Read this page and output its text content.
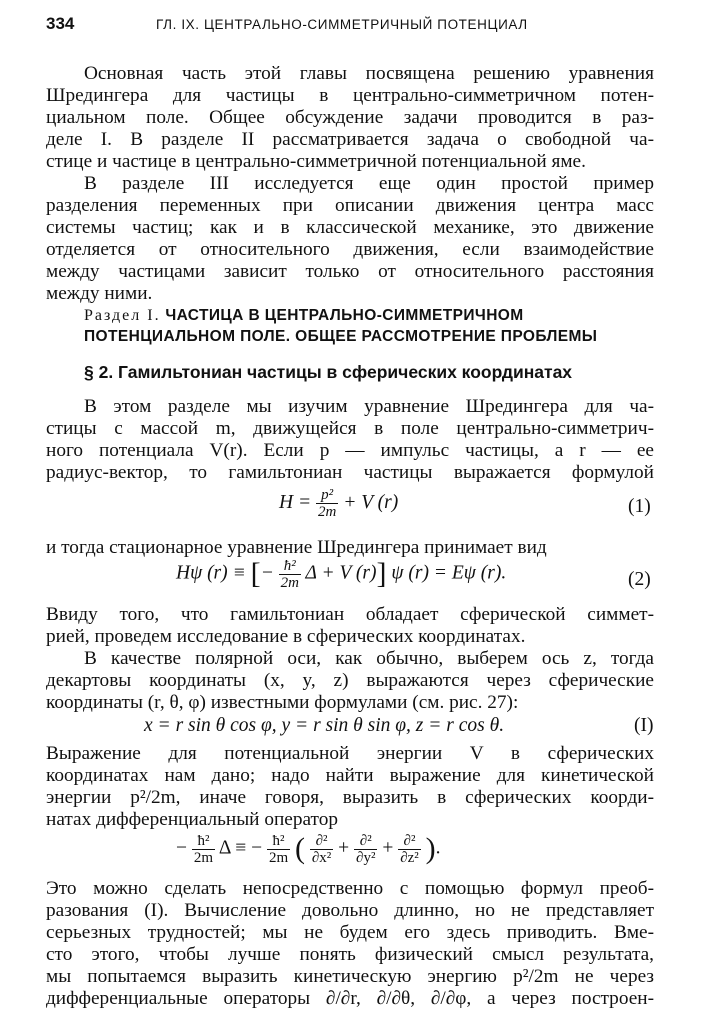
334	ГЛ. IX. ЦЕНТРАЛЬНО-СИММЕТРИЧНЫЙ ПОТЕНЦИАЛ
Основная часть этой главы посвящена решению уравнения
Шредингера для частицы в центрально-симметричном потен-
циальном поле. Общее обсуждение задачи проводится в раз-
деле I. В разделе II рассматривается задача о свободной ча-
стице и частице в центрально-симметричной потенциальной яме.
В разделе III исследуется еще один простой пример
разделения переменных при описании движения центра масс
системы частиц; как и в классической механике, это движение
отделяется от относительного движения, если взаимодействие
между частицами зависит только от относительного расстояния
между ними.
Раздел I. ЧАСТИЦА В ЦЕНТРАЛЬНО-СИММЕТРИЧНОМ
ПОТЕНЦИАЛЬНОМ ПОЛЕ. ОБЩЕЕ РАССМОТРЕНИЕ ПРОБЛЕМЫ
§ 2. Гамильтониан частицы в сферических координатах
В этом разделе мы изучим уравнение Шредингера для ча-
стицы с массой m, движущейся в поле центрально-симметрич-
ного потенциала V(r). Если p — импульс частицы, а r — ее
радиус-вектор, то гамильтониан частицы выражается формулой
$H = \frac{\text{p²}}{2m} + V$ (r)	(1)
и тогда стационарное уравнение Шредингера принимает вид
Hψ (r) ≡ [− $\frac{\text{ħ²}}{2m}$ Δ + V (r)] ψ (r) = Eψ (r).	(2)
Ввиду того, что гамильтониан обладает сферической симмет-
рией, проведем исследование в сферических координатах.
В качестве полярной оси, как обычно, выберем ось z, тогда
декартовы координаты (x, y, z) выражаются через сферические
координаты (r, θ, φ) известными формулами (см. рис. 27):
x = r sin θ cos φ, y = r sin θ sin φ, z = r cos θ.	(I)
Выражение для потенциальной энергии V в сферических
координатах нам дано; надо найти выражение для кинетической
энергии p²/2m, иначе говоря, выразить в сферических коорди-
натах дифференциальный оператор
− $\frac{\text{ħ²}}{2m}$ Δ ≡ − $\frac{\text{ħ²}}{2m}$ ( $\frac{\text{∂²}}{\text{∂x²}} + \frac{\text{∂²}}{\text{∂y²}} + \frac{\text{∂²}}{\text{∂z²}}$ ).
Это можно сделать непосредственно с помощью формул преоб-
разования (I). Вычисление довольно длинно, но не представляет
серьезных трудностей; мы не будем его здесь приводить. Вме-
сто этого, чтобы лучше понять физический смысл результата,
мы попытаемся выразить кинетическую энергию p²/2m не через
дифференциальные операторы ∂/∂r, ∂/∂θ, ∂/∂φ, а через построен-
